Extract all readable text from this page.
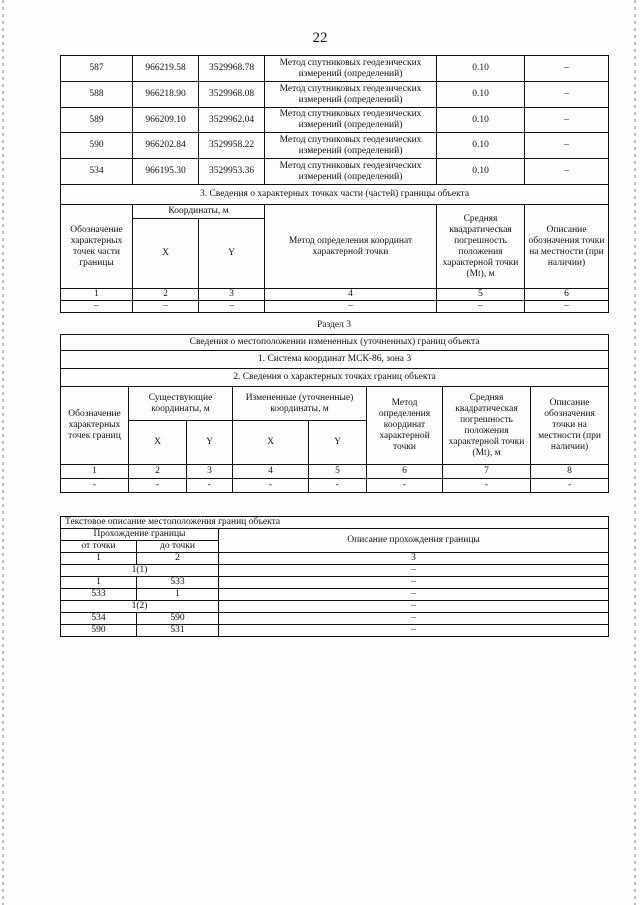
22
587	966219.58	3529968.78	Метод спутниковых геодезических измерений (определений)	0.10	–
588	966218.90	3529968.08	Метод спутниковых геодезических измерений (определений)	0.10	–
589	966209.10	3529962.04	Метод спутниковых геодезических измерений (определений)	0.10	–
590	966202.84	3529958.22	Метод спутниковых геодезических измерений (определений)	0.10	–
534	966195.30	3529953.36	Метод спутниковых геодезических измерений (определений)	0.10	–
3. Сведения о характерных точках части (частей) границы объекта					
Обозначение характерных точек части границы	Координаты, м		Метод определения координат характерной точки	Средняя квадратическая погрешность положения характерной точки (Mt), м	Описание обозначения точки на местности (при наличии)
	X	Y			
1	2	3	4	5	6
–	–	–	–	–	–
Раздел 3
Сведения о местоположении измененных (уточненных) границ объекта							
1. Система координат МСК-86, зона 3							
2. Сведения о характерных точках границ объекта							
Обозначение характерных точек границ	Существующие координаты, м		Измененные (уточненные) координаты, м		Метод определения координат характерной точки	Средняя квадратическая погрешность положения характерной точки (Mt), м	Описание обозначения точки на местности (при наличии)
	X	Y	X	Y			
1	2	3	4	5	6	7	8
-	-	-	-	-	-	-	-
Текстовое описание местоположения границ объекта		
Прохождение границы		Описание прохождения границы
от точки	до точки	
1	2	3
1(1)		–
1	533	–
533	1	–
1(2)		–
534	590	–
590	531	–
